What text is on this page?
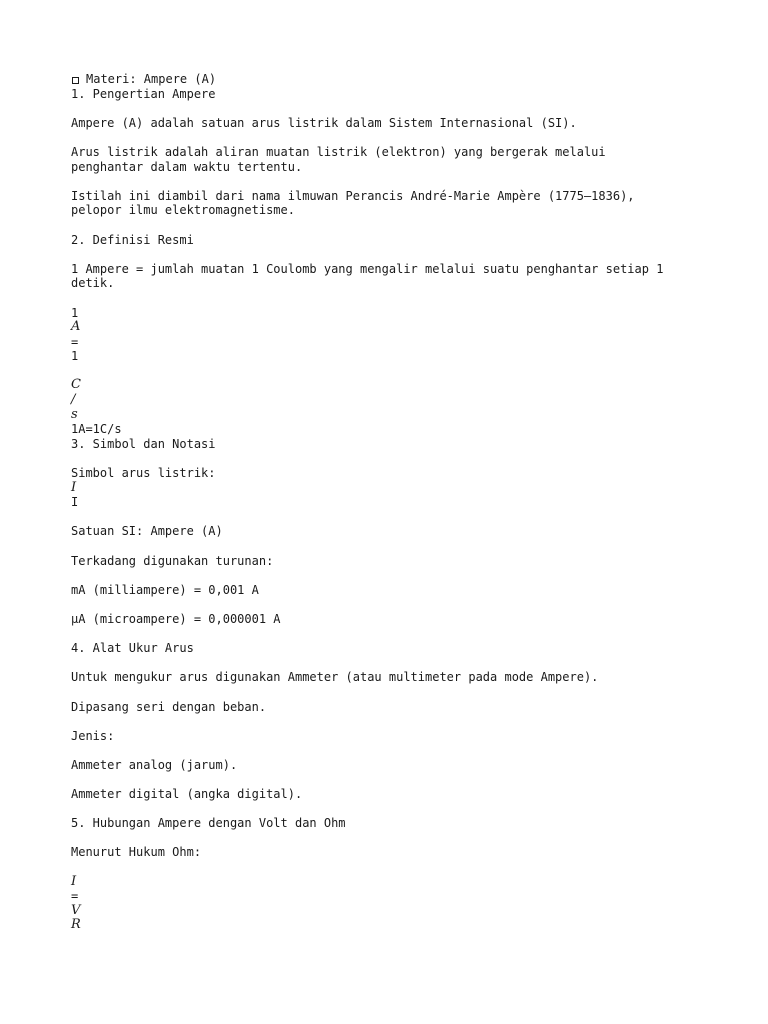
Materi: Ampere (A)

1. Pengertian Ampere

Ampere (A) adalah satuan arus listrik dalam Sistem Internasional (SI).

Arus listrik adalah aliran muatan listrik (elektron) yang bergerak melalui

penghantar dalam waktu tertentu.

Istilah ini diambil dari nama ilmuwan Perancis André-Marie Ampère (1775–1836),

pelopor ilmu elektromagnetisme.

2. Definisi Resmi

1 Ampere = jumlah muatan 1 Coulomb yang mengalir melalui suatu penghantar setiap 1

detik.

1

A

=

1

C

/

s

1A=1C/s

3. Simbol dan Notasi

Simbol arus listrik:

I

I

Satuan SI: Ampere (A)

Terkadang digunakan turunan:

mA (milliampere) = 0,001 A

μA (microampere) = 0,000001 A

4. Alat Ukur Arus

Untuk mengukur arus digunakan Ammeter (atau multimeter pada mode Ampere).

Dipasang seri dengan beban.

Jenis:

Ammeter analog (jarum).

Ammeter digital (angka digital).

5. Hubungan Ampere dengan Volt dan Ohm

Menurut Hukum Ohm:

I

=

V

R
